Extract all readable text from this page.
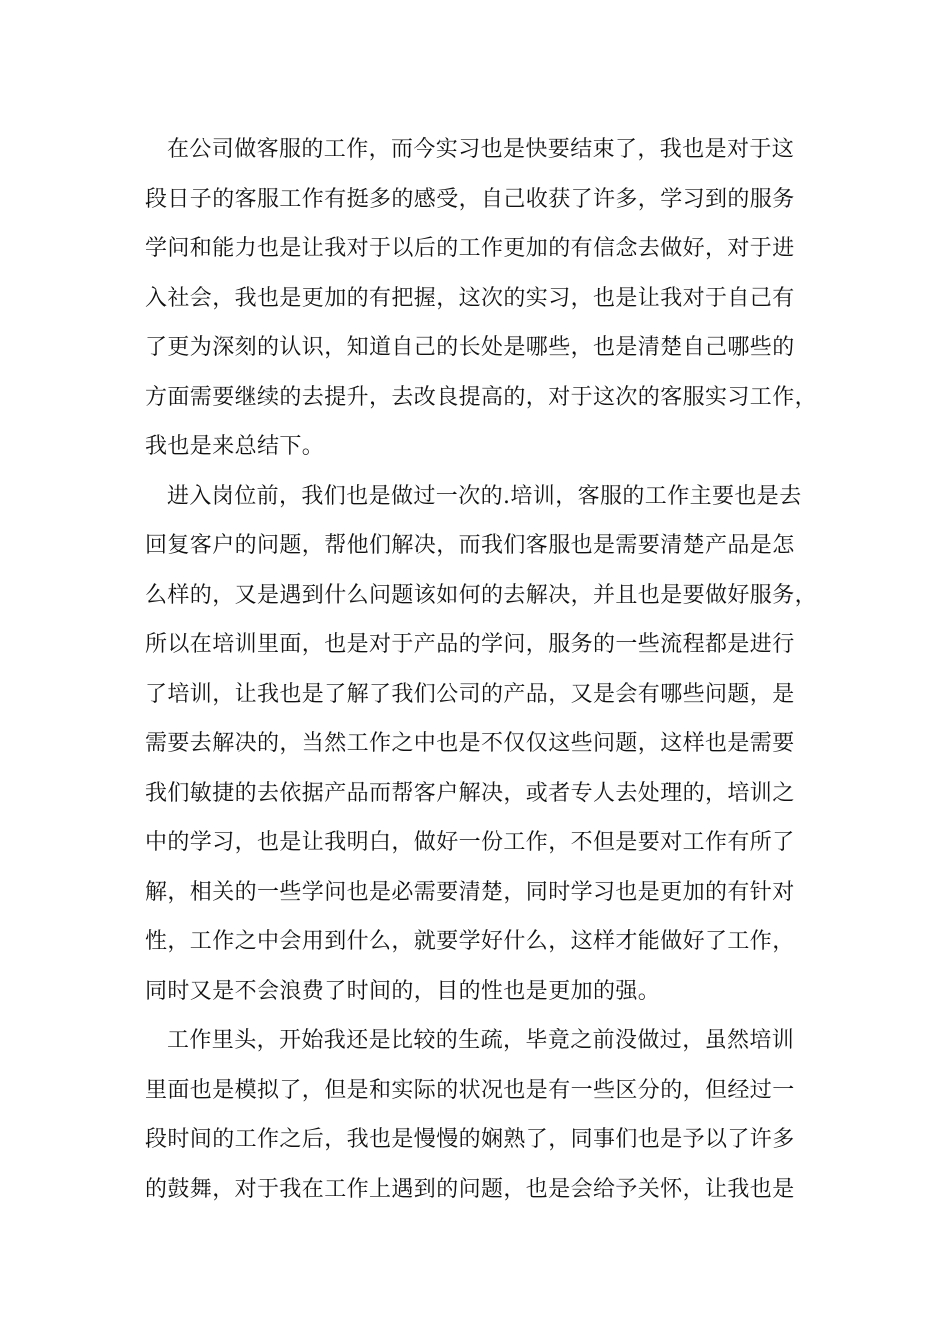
在公司做客服的工作，而今实习也是快要结束了，我也是对于这
段日子的客服工作有挺多的感受，自己收获了许多，学习到的服务
学问和能力也是让我对于以后的工作更加的有信念去做好，对于进
入社会，我也是更加的有把握，这次的实习，也是让我对于自己有
了更为深刻的认识，知道自己的长处是哪些，也是清楚自己哪些的
方面需要继续的去提升，去改良提高的，对于这次的客服实习工作，
我也是来总结下。
进入岗位前，我们也是做过一次的.培训，客服的工作主要也是去
回复客户的问题，帮他们解决，而我们客服也是需要清楚产品是怎
么样的，又是遇到什么问题该如何的去解决，并且也是要做好服务，
所以在培训里面，也是对于产品的学问，服务的一些流程都是进行
了培训，让我也是了解了我们公司的产品，又是会有哪些问题，是
需要去解决的，当然工作之中也是不仅仅这些问题，这样也是需要
我们敏捷的去依据产品而帮客户解决，或者专人去处理的，培训之
中的学习，也是让我明白，做好一份工作，不但是要对工作有所了
解，相关的一些学问也是必需要清楚，同时学习也是更加的有针对
性，工作之中会用到什么，就要学好什么，这样才能做好了工作，
同时又是不会浪费了时间的，目的性也是更加的强。
工作里头，开始我还是比较的生疏，毕竟之前没做过，虽然培训
里面也是模拟了，但是和实际的状况也是有一些区分的，但经过一
段时间的工作之后，我也是慢慢的娴熟了，同事们也是予以了许多
的鼓舞，对于我在工作上遇到的问题，也是会给予关怀，让我也是
